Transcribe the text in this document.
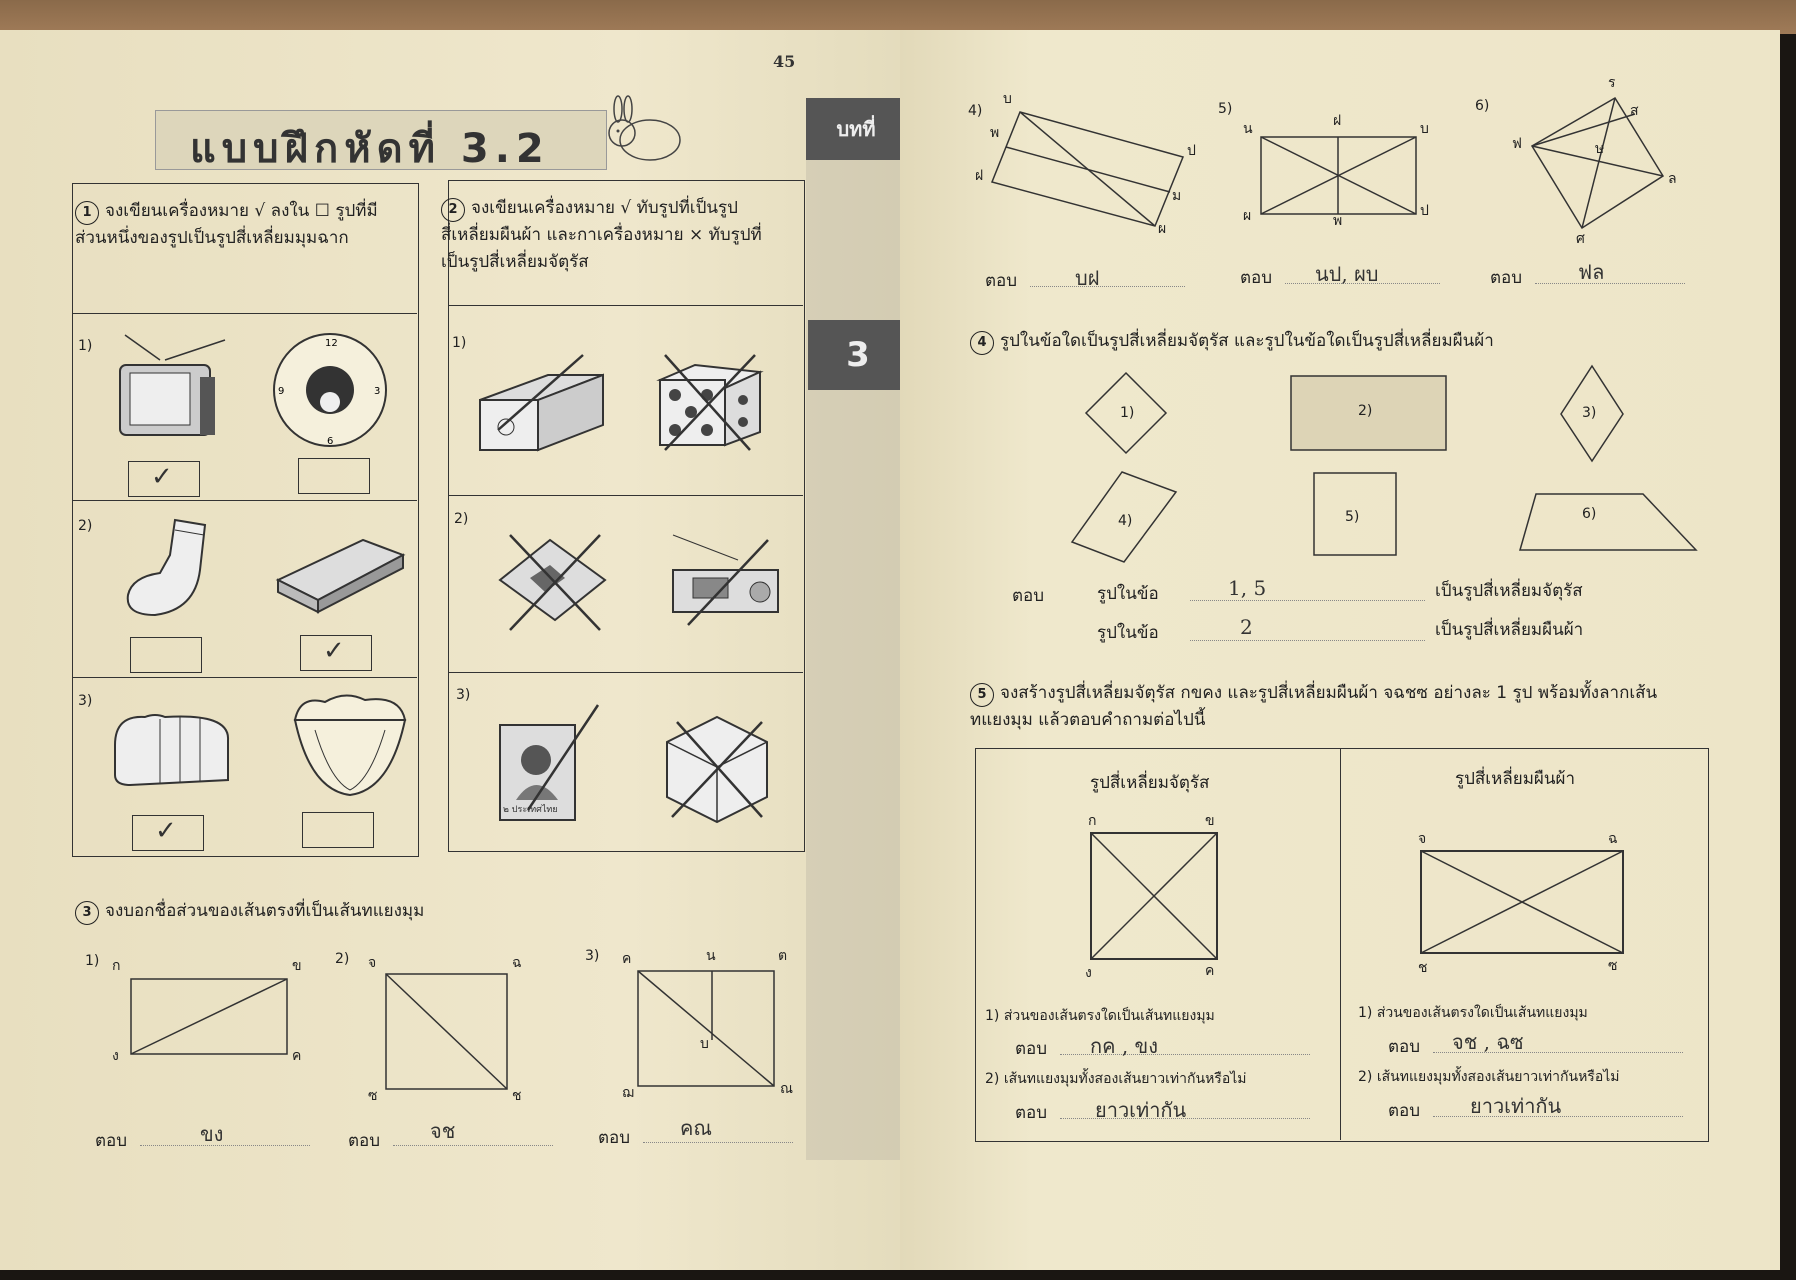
45
แบบฝึกหัดที่ 3.2	บทที่
3
1 จงเขียนเครื่องหมาย √ ลงใน ☐ รูปที่มีส่วนหนึ่งของรูปเป็นรูปสี่เหลี่ยมมุมฉาก
1)
2)
3)
12
3
6
9
✓
✓
✓
2 จงเขียนเครื่องหมาย √ ทับรูปที่เป็นรูปสี่เหลี่ยมผืนผ้า และกาเครื่องหมาย × ทับรูปที่เป็นรูปสี่เหลี่ยมจัตุรัส
1)
2)
3)
๒ ประเทศไทย
3 จงบอกชื่อส่วนของเส้นตรงที่เป็นเส้นทแยงมุม
1) ก	ข
ค
ง
ตอบ	ขง
2) จ	ฉ
ช
ซ
ตอบ จช
3) ค	น	ต
ณ
ฌ
บ
ตอบ คณ
4)
บ
พ
ฝ
ป
ม
ผ
ตอบ	บฝ
5)
น	ฝ	บ
ผ	พ
ป
ตอบ นป, ผบ
6)
ร
ส
ฟ	ษ
ล
ศ
ตอบ	ฟล
4 รูปในข้อใดเป็นรูปสี่เหลี่ยมจัตุรัส และรูปในข้อใดเป็นรูปสี่เหลี่ยมผืนผ้า
1)	2)	3)
4)	5)	6)
ตอบ	รูปในข้อ	1, 5	เป็นรูปสี่เหลี่ยมจัตุรัส
รูปในข้อ	2	เป็นรูปสี่เหลี่ยมผืนผ้า
5 จงสร้างรูปสี่เหลี่ยมจัตุรัส กขคง และรูปสี่เหลี่ยมผืนผ้า จฉชซ อย่างละ 1 รูป พร้อมทั้งลากเส้นทแยงมุม แล้วตอบคำถามต่อไปนี้
รูปสี่เหลี่ยมจัตุรัส
ก	ข
ค
ง
1) ส่วนของเส้นตรงใดเป็นเส้นทแยงมุม
ตอบ กค , ขง
2) เส้นทแยงมุมทั้งสองเส้นยาวเท่ากันหรือไม่
ตอบ ยาวเท่ากัน
รูปสี่เหลี่ยมผืนผ้า
จ	ฉ
ซ
ช
1) ส่วนของเส้นตรงใดเป็นเส้นทแยงมุม
ตอบ จช , ฉซ
2) เส้นทแยงมุมทั้งสองเส้นยาวเท่ากันหรือไม่
ตอบ ยาวเท่ากัน
